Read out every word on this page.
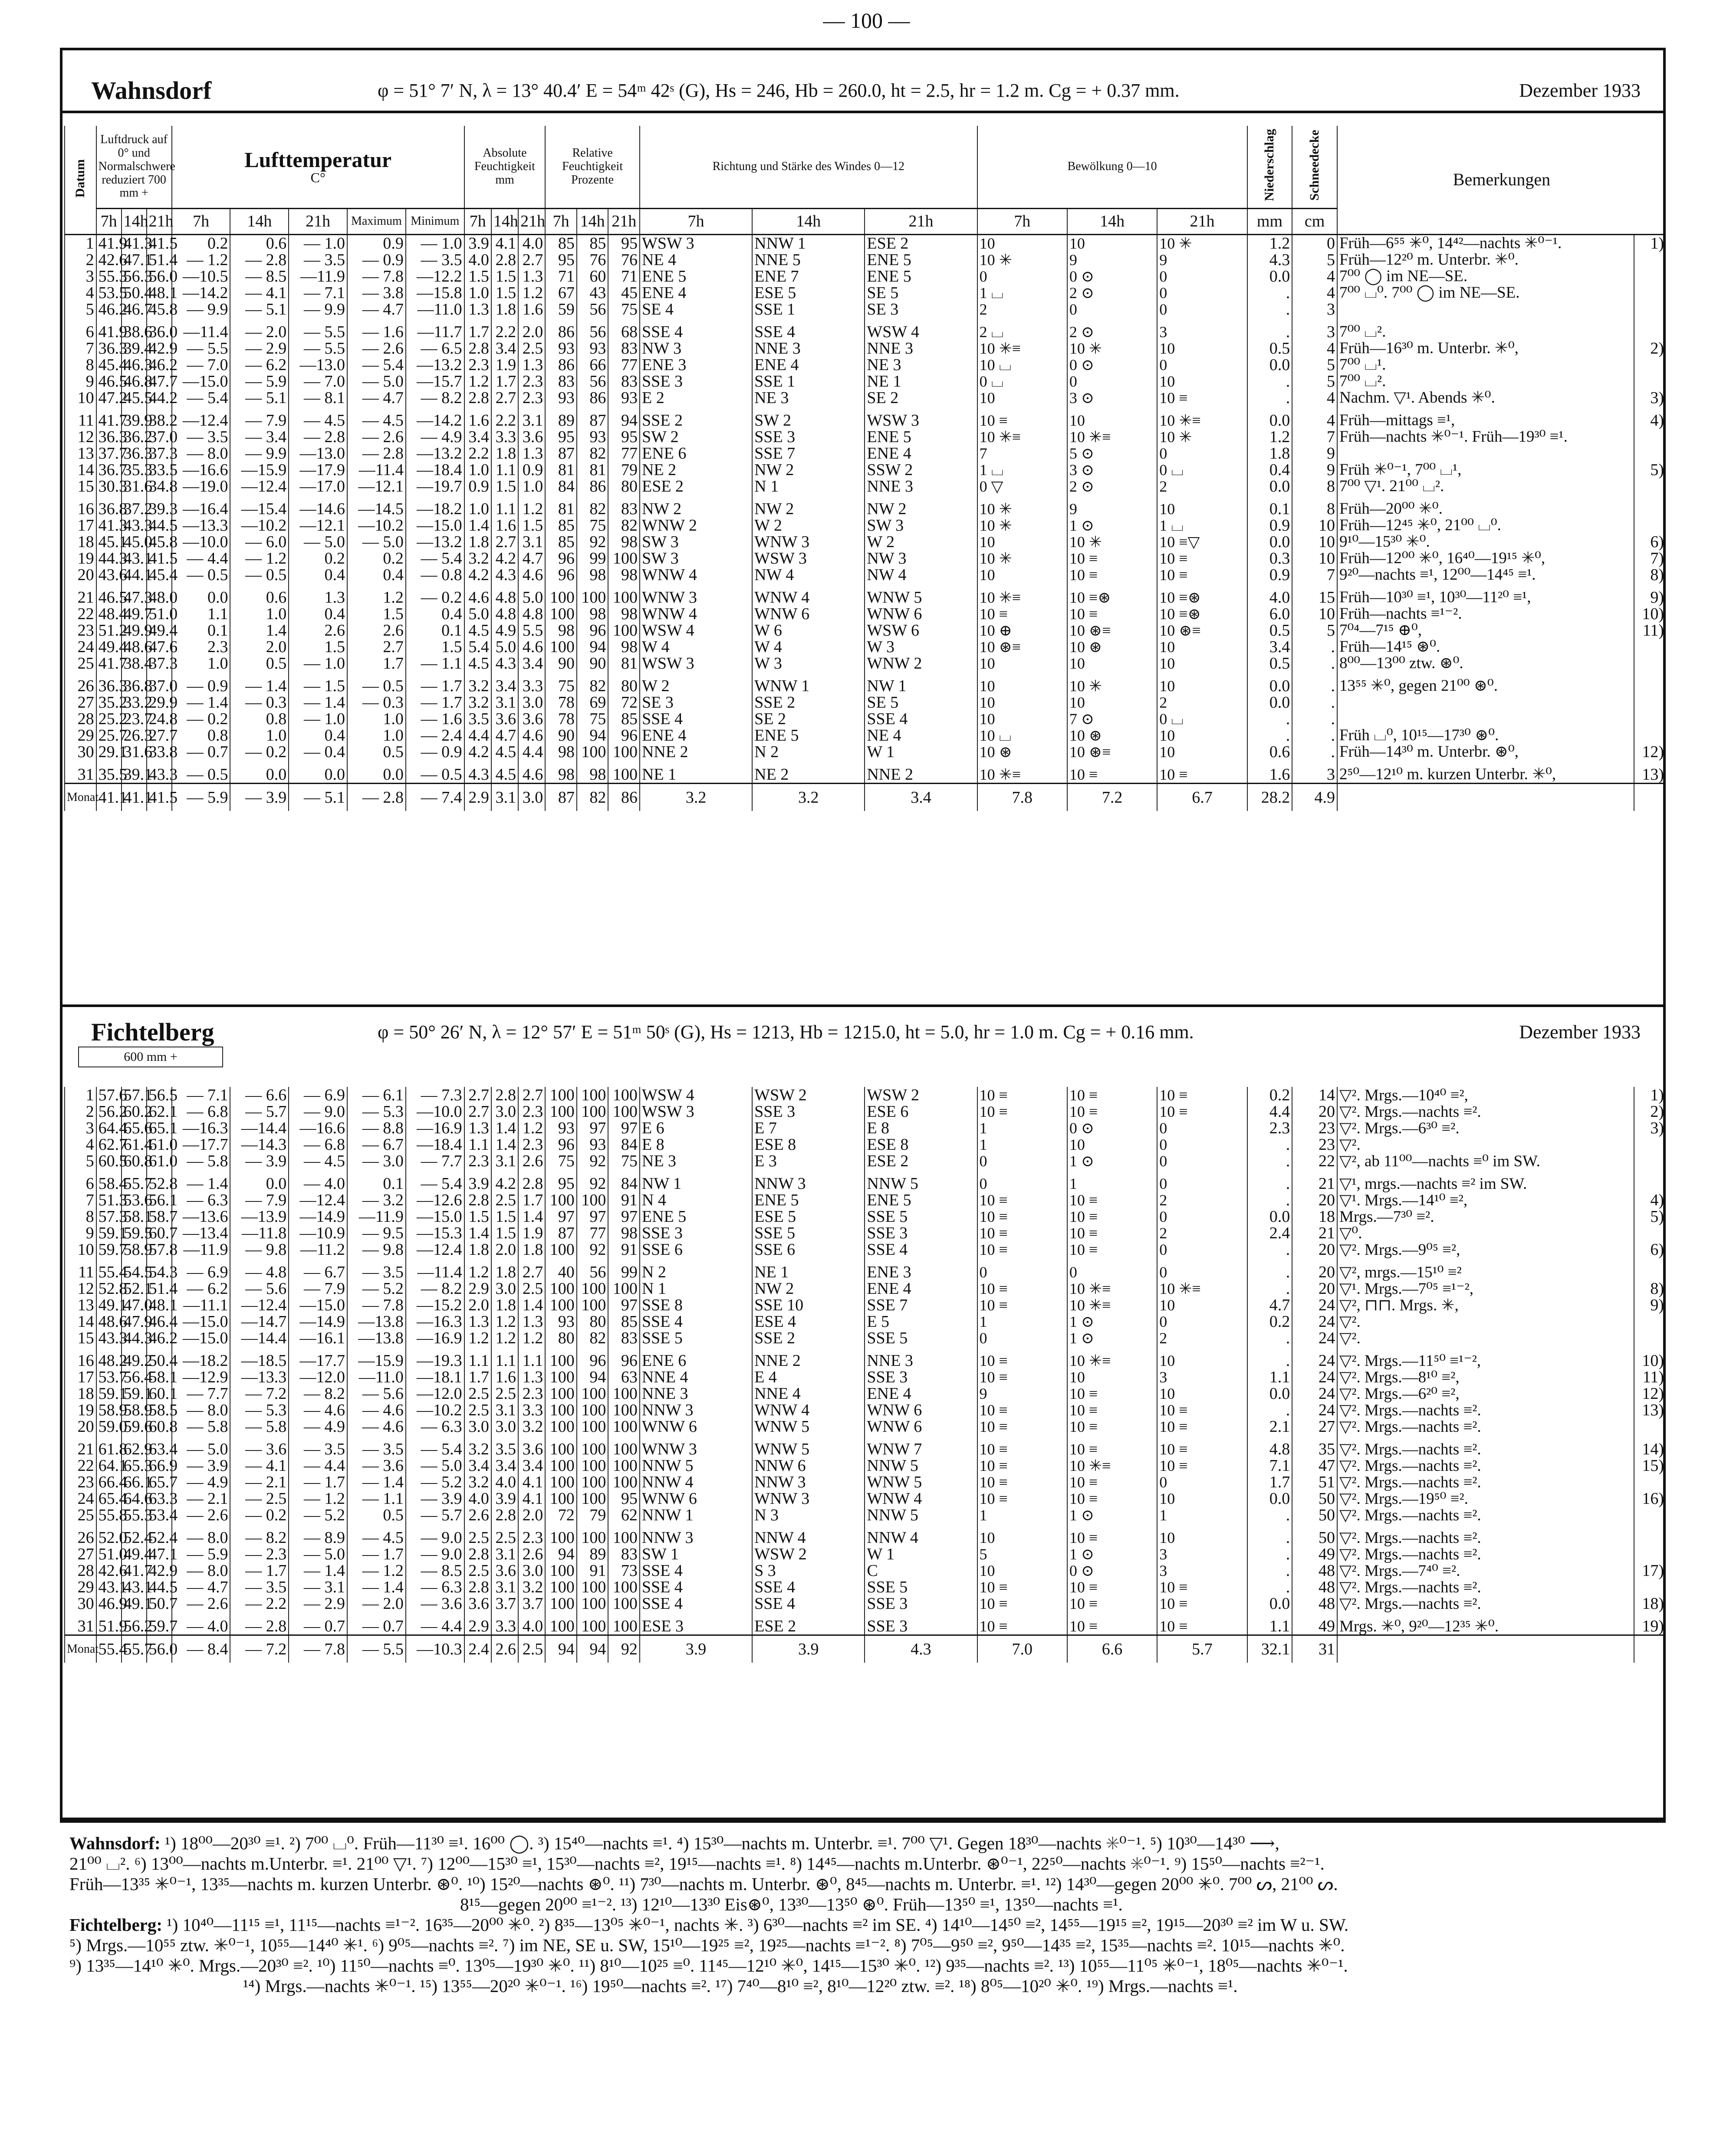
— 100 —
Wahnsdorf	φ = 51° 7′ N, λ = 13° 40.4′ E = 54ᵐ 42ˢ (G), Hs = 246, Hb = 260.0, ht = 2.5, hr = 1.2 m. Cg = + 0.37 mm.	Dezember 1933
Datum	Luftdruck auf 0° und Normalschwere reduziert 700 mm +			Lufttemperatur
C°					Absolute Feuchtigkeit mm			Relative Feuchtigkeit Prozente			Richtung und Stärke des Windes 0—12			Bewölkung 0—10			Niederschlag	Schneedecke	Bemerkungen	
	7h	14h	21h	7h	14h	21h	Maximum	Minimum	7h	14h	21h	7h	14h	21h	7h	14h	21h	7h	14h	21h	mm	cm		
1	41.9	41.3	41.5	0.2	0.6	— 1.0	0.9	— 1.0	3.9	4.1	4.0	85	85	95	WSW 3	NNW 1	ESE 2	10	10	10 ✳	1.2	0	Früh—6⁵⁵ ✳⁰, 14⁴²—nachts ✳⁰⁻¹.	1)
2	42.6	47.1	51.4	— 1.2	— 2.8	— 3.5	— 0.9	— 3.5	4.0	2.8	2.7	95	76	76	NE 4	NNE 5	ENE 5	10 ✳	9	9	4.3	5	Früh—12²⁰ m. Unterbr. ✳⁰.	
3	55.3	56.3	56.0	—10.5	— 8.5	—11.9	— 7.8	—12.2	1.5	1.5	1.3	71	60	71	ENE 5	ENE 7	ENE 5	0	0 ⊙	0	0.0	4	7⁰⁰ ◯ im NE—SE.	
4	53.5	50.4	48.1	—14.2	— 4.1	— 7.1	— 3.8	—15.8	1.0	1.5	1.2	67	43	45	ENE 4	ESE 5	SE 5	1 ⌴	2 ⊙	0	.	4	7⁰⁰ ⌴⁰. 7⁰⁰ ◯ im NE—SE.	
5	46.2	46.7	45.8	— 9.9	— 5.1	— 9.9	— 4.7	—11.0	1.3	1.8	1.6	59	56	75	SE 4	SSE 1	SE 3	2	0	0	.	3		

6	41.9	38.6	36.0	—11.4	— 2.0	— 5.5	— 1.6	—11.7	1.7	2.2	2.0	86	56	68	SSE 4	SSE 4	WSW 4	2 ⌴	2 ⊙	3	.	3	7⁰⁰ ⌴².	
7	36.3	39.4	42.9	— 5.5	— 2.9	— 5.5	— 2.6	— 6.5	2.8	3.4	2.5	93	93	83	NW 3	NNE 3	NNE 3	10 ✳≡	10 ✳	10	0.5	4	Früh—16³⁰ m. Unterbr. ✳⁰,	2)
8	45.4	46.3	46.2	— 7.0	— 6.2	—13.0	— 5.4	—13.2	2.3	1.9	1.3	86	66	77	ENE 3	ENE 4	NE 3	10 ⌴	0 ⊙	0	0.0	5	7⁰⁰ ⌴¹.	
9	46.5	46.8	47.7	—15.0	— 5.9	— 7.0	— 5.0	—15.7	1.2	1.7	2.3	83	56	83	SSE 3	SSE 1	NE 1	0 ⌴	0	10	.	5	7⁰⁰ ⌴².	
10	47.2	45.5	44.2	— 5.4	— 5.1	— 8.1	— 4.7	— 8.2	2.8	2.7	2.3	93	86	93	E 2	NE 3	SE 2	10	3 ⊙	10 ≡	.	4	Nachm. ▽¹. Abends ✳⁰.	3)

11	41.7	39.9	38.2	—12.4	— 7.9	— 4.5	— 4.5	—14.2	1.6	2.2	3.1	89	87	94	SSE 2	SW 2	WSW 3	10 ≡	10	10 ✳≡	0.0	4	Früh—mittags ≡¹,	4)
12	36.3	36.2	37.0	— 3.5	— 3.4	— 2.8	— 2.6	— 4.9	3.4	3.3	3.6	95	93	95	SW 2	SSE 3	ENE 5	10 ✳≡	10 ✳≡	10 ✳	1.2	7	Früh—nachts ✳⁰⁻¹. Früh—19³⁰ ≡¹.	
13	37.7	36.3	37.3	— 8.0	— 9.9	—13.0	— 2.8	—13.2	2.2	1.8	1.3	87	82	77	ENE 6	SSE 7	ENE 4	7	5 ⊙	0	1.8	9		
14	36.7	35.3	33.5	—16.6	—15.9	—17.9	—11.4	—18.4	1.0	1.1	0.9	81	81	79	NE 2	NW 2	SSW 2	1 ⌴	3 ⊙	0 ⌴	0.4	9	Früh ✳⁰⁻¹, 7⁰⁰ ⌴¹,	5)
15	30.3	31.6	34.8	—19.0	—12.4	—17.0	—12.1	—19.7	0.9	1.5	1.0	84	86	80	ESE 2	N 1	NNE 3	0 ▽	2 ⊙	2	0.0	8	7⁰⁰ ▽¹. 21⁰⁰ ⌴².	

16	36.8	37.2	39.3	—16.4	—15.4	—14.6	—14.5	—18.2	1.0	1.1	1.2	81	82	83	NW 2	NW 2	NW 2	10 ✳	9	10	0.1	8	Früh—20⁰⁰ ✳⁰.	
17	41.3	43.3	44.5	—13.3	—10.2	—12.1	—10.2	—15.0	1.4	1.6	1.5	85	75	82	WNW 2	W 2	SW 3	10 ✳	1 ⊙	1 ⌴	0.9	10	Früh—12⁴⁵ ✳⁰, 21⁰⁰ ⌴⁰.	
18	45.1	45.0	45.8	—10.0	— 6.0	— 5.0	— 5.0	—13.2	1.8	2.7	3.1	85	92	98	SW 3	WNW 3	W 2	10	10 ✳	10 ≡▽	0.0	10	9¹⁰—15³⁰ ✳⁰.	6)
19	44.3	43.1	41.5	— 4.4	— 1.2	0.2	0.2	— 5.4	3.2	4.2	4.7	96	99	100	SW 3	WSW 3	NW 3	10 ✳	10 ≡	10 ≡	0.3	10	Früh—12⁰⁰ ✳⁰, 16⁴⁰—19¹⁵ ✳⁰,	7)
20	43.6	44.1	45.4	— 0.5	— 0.5	0.4	0.4	— 0.8	4.2	4.3	4.6	96	98	98	WNW 4	NW 4	NW 4	10	10 ≡	10 ≡	0.9	7	9²⁰—nachts ≡¹, 12⁰⁰—14⁴⁵ ≡¹.	8)

21	46.5	47.3	48.0	0.0	0.6	1.3	1.2	— 0.2	4.6	4.8	5.0	100	100	100	WNW 3	WNW 4	WNW 5	10 ✳≡	10 ≡⊛	10 ≡⊛	4.0	15	Früh—10³⁰ ≡¹, 10³⁰—11²⁰ ≡¹,	9)
22	48.4	49.7	51.0	1.1	1.0	0.4	1.5	0.4	5.0	4.8	4.8	100	98	98	WNW 4	WNW 6	WNW 6	10 ≡	10 ≡	10 ≡⊛	6.0	10	Früh—nachts ≡¹⁻².	10)
23	51.2	49.9	49.4	0.1	1.4	2.6	2.6	0.1	4.5	4.9	5.5	98	96	100	WSW 4	W 6	WSW 6	10 ⊕	10 ⊛≡	10 ⊛≡	0.5	5	7⁰⁴—7¹⁵ ⊕⁰,	11)
24	49.4	48.6	47.6	2.3	2.0	1.5	2.7	1.5	5.4	5.0	4.6	100	94	98	W 4	W 4	W 3	10 ⊛≡	10 ⊛	10	3.4	.	Früh—14¹⁵ ⊛⁰.	
25	41.7	38.4	37.3	1.0	0.5	— 1.0	1.7	— 1.1	4.5	4.3	3.4	90	90	81	WSW 3	W 3	WNW 2	10	10	10	0.5	.	8⁰⁰—13⁰⁰ ztw. ⊛⁰.	

26	36.3	36.8	37.0	— 0.9	— 1.4	— 1.5	— 0.5	— 1.7	3.2	3.4	3.3	75	82	80	W 2	WNW 1	NW 1	10	10 ✳	10	0.0	.	13⁵⁵ ✳⁰, gegen 21⁰⁰ ⊛⁰.	
27	35.2	33.2	29.9	— 1.4	— 0.3	— 1.4	— 0.3	— 1.7	3.2	3.1	3.0	78	69	72	SE 3	SSE 2	SE 5	10	10	2	0.0	.		
28	25.2	23.7	24.8	— 0.2	0.8	— 1.0	1.0	— 1.6	3.5	3.6	3.6	78	75	85	SSE 4	SE 2	SSE 4	10	7 ⊙	0 ⌴	.	.		
29	25.7	26.3	27.7	0.8	1.0	0.4	1.0	— 2.4	4.4	4.7	4.6	90	94	96	ENE 4	ENE 5	NE 4	10 ⌴	10 ⊛	10	.	.	Früh ⌴⁰, 10¹⁵—17³⁰ ⊛⁰.	
30	29.1	31.6	33.8	— 0.7	— 0.2	— 0.4	0.5	— 0.9	4.2	4.5	4.4	98	100	100	NNE 2	N 2	W 1	10 ⊛	10 ⊛≡	10	0.6	.	Früh—14³⁰ m. Unterbr. ⊛⁰,	12)

31	35.5	39.1	43.3	— 0.5	0.0	0.0	0.0	— 0.5	4.3	4.5	4.6	98	98	100	NE 1	NE 2	NNE 2	10 ✳≡	10 ≡	10 ≡	1.6	3	2⁵⁰—12¹⁰ m. kurzen Unterbr. ✳⁰,	13)
Monat	41.1	41.1	41.5	— 5.9	— 3.9	— 5.1	— 2.8	— 7.4	2.9	3.1	3.0	87	82	86	3.2	3.2	3.4	7.8	7.2	6.7	28.2	4.9		
Fichtelberg	φ = 50° 26′ N, λ = 12° 57′ E = 51ᵐ 50ˢ (G), Hs = 1213, Hb = 1215.0, ht = 5.0, hr = 1.0 m. Cg = + 0.16 mm.	Dezember 1933
600 mm +
1	57.6	57.1	56.5	— 7.1	— 6.6	— 6.9	— 6.1	— 7.3	2.7	2.8	2.7	100	100	100	WSW 4	WSW 2	WSW 2	10 ≡	10 ≡	10 ≡	0.2	14	▽². Mrgs.—10⁴⁰ ≡²,	1)
2	56.2	60.2	62.1	— 6.8	— 5.7	— 9.0	— 5.3	—10.0	2.7	3.0	2.3	100	100	100	WSW 3	SSE 3	ESE 6	10 ≡	10 ≡	10 ≡	4.4	20	▽². Mrgs.—nachts ≡².	2)
3	64.4	65.6	65.1	—16.3	—14.4	—16.6	— 8.8	—16.9	1.3	1.4	1.2	93	97	97	E 6	E 7	E 8	1	0 ⊙	0	2.3	23	▽². Mrgs.—6³⁰ ≡².	3)
4	62.7	61.4	61.0	—17.7	—14.3	— 6.8	— 6.7	—18.4	1.1	1.4	2.3	96	93	84	E 8	ESE 8	ESE 8	1	10	0	.	23	▽².	
5	60.5	60.8	61.0	— 5.8	— 3.9	— 4.5	— 3.0	— 7.7	2.3	3.1	2.6	75	92	75	NE 3	E 3	ESE 2	0	1 ⊙	0	.	22	▽², ab 11⁰⁰—nachts ≡⁰ im SW.	

6	58.4	55.7	52.8	— 1.4	0.0	— 4.0	0.1	— 5.4	3.9	4.2	2.8	95	92	84	NW 1	NNW 3	NNW 5	0	1	0	.	21	▽¹, mrgs.—nachts ≡² im SW.	
7	51.3	53.6	56.1	— 6.3	— 7.9	—12.4	— 3.2	—12.6	2.8	2.5	1.7	100	100	91	N 4	ENE 5	ENE 5	10 ≡	10 ≡	2	.	20	▽¹. Mrgs.—14¹⁰ ≡²,	4)
8	57.3	58.1	58.7	—13.6	—13.9	—14.9	—11.9	—15.0	1.5	1.5	1.4	97	97	97	ENE 5	ESE 5	SSE 5	10 ≡	10 ≡	0	0.0	18	Mrgs.—7³⁰ ≡².	5)
9	59.1	59.5	60.7	—13.4	—11.8	—10.9	— 9.5	—15.3	1.4	1.5	1.9	87	77	98	SSE 3	SSE 5	SSE 3	10 ≡	10 ≡	2	2.4	21	▽⁰.	
10	59.7	58.9	57.8	—11.9	— 9.8	—11.2	— 9.8	—12.4	1.8	2.0	1.8	100	92	91	SSE 6	SSE 6	SSE 4	10 ≡	10 ≡	0	.	20	▽². Mrgs.—9⁰⁵ ≡²,	6)

11	55.4	54.5	54.3	— 6.9	— 4.8	— 6.7	— 3.5	—11.4	1.2	1.8	2.7	40	56	99	N 2	NE 1	ENE 3	0	0	0	.	20	▽², mrgs.—15¹⁰ ≡²	
12	52.8	52.1	51.4	— 6.2	— 5.6	— 7.9	— 5.2	— 8.2	2.9	3.0	2.5	100	100	100	N 1	NW 2	ENE 4	10 ≡	10 ✳≡	10 ✳≡	.	20	▽¹. Mrgs.—7⁰⁵ ≡¹⁻²,	8)
13	49.1	47.0	48.1	—11.1	—12.4	—15.0	— 7.8	—15.2	2.0	1.8	1.4	100	100	97	SSE 8	SSE 10	SSE 7	10 ≡	10 ✳≡	10	4.7	24	▽², ⊓⊓. Mrgs. ✳,	9)
14	48.6	47.9	46.4	—15.0	—14.7	—14.9	—13.8	—16.3	1.3	1.2	1.3	93	80	85	SSE 4	ESE 4	E 5	1	1 ⊙	0	0.2	24	▽².	
15	43.3	44.3	46.2	—15.0	—14.4	—16.1	—13.8	—16.9	1.2	1.2	1.2	80	82	83	SSE 5	SSE 2	SSE 5	0	1 ⊙	2	.	24	▽².	

16	48.2	49.2	50.4	—18.2	—18.5	—17.7	—15.9	—19.3	1.1	1.1	1.1	100	96	96	ENE 6	NNE 2	NNE 3	10 ≡	10 ✳≡	10	.	24	▽². Mrgs.—11⁵⁰ ≡¹⁻²,	10)
17	53.7	56.4	58.1	—12.9	—13.3	—12.0	—11.0	—18.1	1.7	1.6	1.3	100	94	63	NNE 4	E 4	SSE 3	10 ≡	10	3	1.1	24	▽². Mrgs.—8¹⁰ ≡²,	11)
18	59.1	59.1	60.1	— 7.7	— 7.2	— 8.2	— 5.6	—12.0	2.5	2.5	2.3	100	100	100	NNE 3	NNE 4	ENE 4	9	10 ≡	10	0.0	24	▽². Mrgs.—6²⁰ ≡²,	12)
19	58.9	58.9	58.5	— 8.0	— 5.3	— 4.6	— 4.6	—10.2	2.5	3.1	3.3	100	100	100	NNW 3	WNW 4	WNW 6	10 ≡	10 ≡	10 ≡	.	24	▽². Mrgs.—nachts ≡².	13)
20	59.0	59.6	60.8	— 5.8	— 5.8	— 4.9	— 4.6	— 6.3	3.0	3.0	3.2	100	100	100	WNW 6	WNW 5	WNW 6	10 ≡	10 ≡	10 ≡	2.1	27	▽². Mrgs.—nachts ≡².	

21	61.8	62.9	63.4	— 5.0	— 3.6	— 3.5	— 3.5	— 5.4	3.2	3.5	3.6	100	100	100	WNW 3	WNW 5	WNW 7	10 ≡	10 ≡	10 ≡	4.8	35	▽². Mrgs.—nachts ≡².	14)
22	64.1	65.3	66.9	— 3.9	— 4.1	— 4.4	— 3.6	— 5.0	3.4	3.4	3.4	100	100	100	NNW 5	NNW 6	NNW 5	10 ≡	10 ✳≡	10 ≡	7.1	47	▽². Mrgs.—nachts ≡².	15)
23	66.4	66.1	65.7	— 4.9	— 2.1	— 1.7	— 1.4	— 5.2	3.2	4.0	4.1	100	100	100	NNW 4	NNW 3	WNW 5	10 ≡	10 ≡	0	1.7	51	▽². Mrgs.—nachts ≡².	
24	65.4	64.6	63.3	— 2.1	— 2.5	— 1.2	— 1.1	— 3.9	4.0	3.9	4.1	100	100	95	WNW 6	WNW 3	WNW 4	10 ≡	10 ≡	10	0.0	50	▽². Mrgs.—19⁵⁰ ≡².	16)
25	55.8	55.3	53.4	— 2.6	— 0.2	— 5.2	0.5	— 5.7	2.6	2.8	2.0	72	79	62	NNW 1	N 3	NNW 5	1	1 ⊙	1	.	50	▽². Mrgs.—nachts ≡².	

26	52.0	52.4	52.4	— 8.0	— 8.2	— 8.9	— 4.5	— 9.0	2.5	2.5	2.3	100	100	100	NNW 3	NNW 4	NNW 4	10	10 ≡	10	.	50	▽². Mrgs.—nachts ≡².	
27	51.0	49.4	47.1	— 5.9	— 2.3	— 5.0	— 1.7	— 9.0	2.8	3.1	2.6	94	89	83	SW 1	WSW 2	W 1	5	1 ⊙	3	.	49	▽². Mrgs.—nachts ≡².	
28	42.6	41.7	42.9	— 8.0	— 1.7	— 1.4	— 1.2	— 8.5	2.5	3.6	3.0	100	91	73	SSE 4	S 3	C	10	0 ⊙	3	.	48	▽². Mrgs.—7⁴⁰ ≡².	17)
29	43.1	43.1	44.5	— 4.7	— 3.5	— 3.1	— 1.4	— 6.3	2.8	3.1	3.2	100	100	100	SSE 4	SSE 4	SSE 5	10 ≡	10 ≡	10 ≡	.	48	▽². Mrgs.—nachts ≡².	
30	46.9	49.1	50.7	— 2.6	— 2.2	— 2.9	— 2.0	— 3.6	3.6	3.7	3.7	100	100	100	SSE 4	SSE 4	SSE 3	10 ≡	10 ≡	10 ≡	0.0	48	▽². Mrgs.—nachts ≡².	18)

31	51.9	56.2	59.7	— 4.0	— 2.8	— 0.7	— 0.7	— 4.4	2.9	3.3	4.0	100	100	100	ESE 3	ESE 2	SSE 3	10 ≡	10 ≡	10 ≡	1.1	49	Mrgs. ✳⁰, 9²⁰—12³⁵ ✳⁰.	19)
Monat	55.4	55.7	56.0	— 8.4	— 7.2	— 7.8	— 5.5	—10.3	2.4	2.6	2.5	94	94	92	3.9	3.9	4.3	7.0	6.6	5.7	32.1	31		

Wahnsdorf: ¹) 18⁰⁰—20³⁰ ≡¹. ²) 7⁰⁰ ⌴⁰. Früh—11³⁰ ≡¹. 16⁰⁰ ◯. ³) 15⁴⁰—nachts ≡¹. ⁴) 15³⁰—nachts m. Unterbr. ≡¹. 7⁰⁰ ▽¹. Gegen 18³⁰—nachts ✳⁰⁻¹. ⁵) 10³⁰—14³⁰ ⟶,

21⁰⁰ ⌴². ⁶) 13⁰⁰—nachts m.Unterbr. ≡¹. 21⁰⁰ ▽¹. ⁷) 12⁰⁰—15³⁰ ≡¹, 15³⁰—nachts ≡², 19¹⁵—nachts ≡¹. ⁸) 14⁴⁵—nachts m.Unterbr. ⊛⁰⁻¹, 22⁵⁰—nachts ✳⁰⁻¹. ⁹) 15⁵⁰—nachts ≡²⁻¹.

Früh—13³⁵ ✳⁰⁻¹, 13³⁵—nachts m. kurzen Unterbr. ⊛⁰. ¹⁰) 15²⁰—nachts ⊛⁰. ¹¹) 7³⁰—nachts m. Unterbr. ⊛⁰, 8⁴⁵—nachts m. Unterbr. ≡¹. ¹²) 14³⁰—gegen 20⁰⁰ ✳⁰. 7⁰⁰ ᔕ, 21⁰⁰ ᔕ.

8¹⁵—gegen 20⁰⁰ ≡¹⁻². ¹³) 12¹⁰—13³⁰ Eis⊛⁰, 13³⁰—13⁵⁰ ⊛⁰. Früh—13⁵⁰ ≡¹, 13⁵⁰—nachts ≡¹.

Fichtelberg: ¹) 10⁴⁰—11¹⁵ ≡¹, 11¹⁵—nachts ≡¹⁻². 16³⁵—20⁰⁰ ✳⁰. ²) 8³⁵—13⁰⁵ ✳⁰⁻¹, nachts ✳. ³) 6³⁰—nachts ≡² im SE. ⁴) 14¹⁰—14⁵⁰ ≡², 14⁵⁵—19¹⁵ ≡², 19¹⁵—20³⁰ ≡² im W u. SW.

⁵) Mrgs.—10⁵⁵ ztw. ✳⁰⁻¹, 10⁵⁵—14⁴⁰ ✳¹. ⁶) 9⁰⁵—nachts ≡². ⁷) im NE, SE u. SW, 15¹⁰—19²⁵ ≡², 19²⁵—nachts ≡¹⁻². ⁸) 7⁰⁵—9⁵⁰ ≡², 9⁵⁰—14³⁵ ≡², 15³⁵—nachts ≡². 10¹⁵—nachts ✳⁰.

⁹) 13³⁵—14¹⁰ ✳⁰. Mrgs.—20³⁰ ≡². ¹⁰) 11⁵⁰—nachts ≡⁰. 13⁰⁵—19³⁰ ✳⁰. ¹¹) 8¹⁰—10²⁵ ≡⁰. 11⁴⁵—12¹⁰ ✳⁰, 14¹⁵—15³⁰ ✳⁰. ¹²) 9³⁵—nachts ≡². ¹³) 10⁵⁵—11⁰⁵ ✳⁰⁻¹, 18⁰⁵—nachts ✳⁰⁻¹.

¹⁴) Mrgs.—nachts ✳⁰⁻¹. ¹⁵) 13⁵⁵—20²⁰ ✳⁰⁻¹. ¹⁶) 19⁵⁰—nachts ≡². ¹⁷) 7⁴⁰—8¹⁰ ≡², 8¹⁰—12²⁰ ztw. ≡². ¹⁸) 8⁰⁵—10²⁰ ✳⁰. ¹⁹) Mrgs.—nachts ≡¹.
